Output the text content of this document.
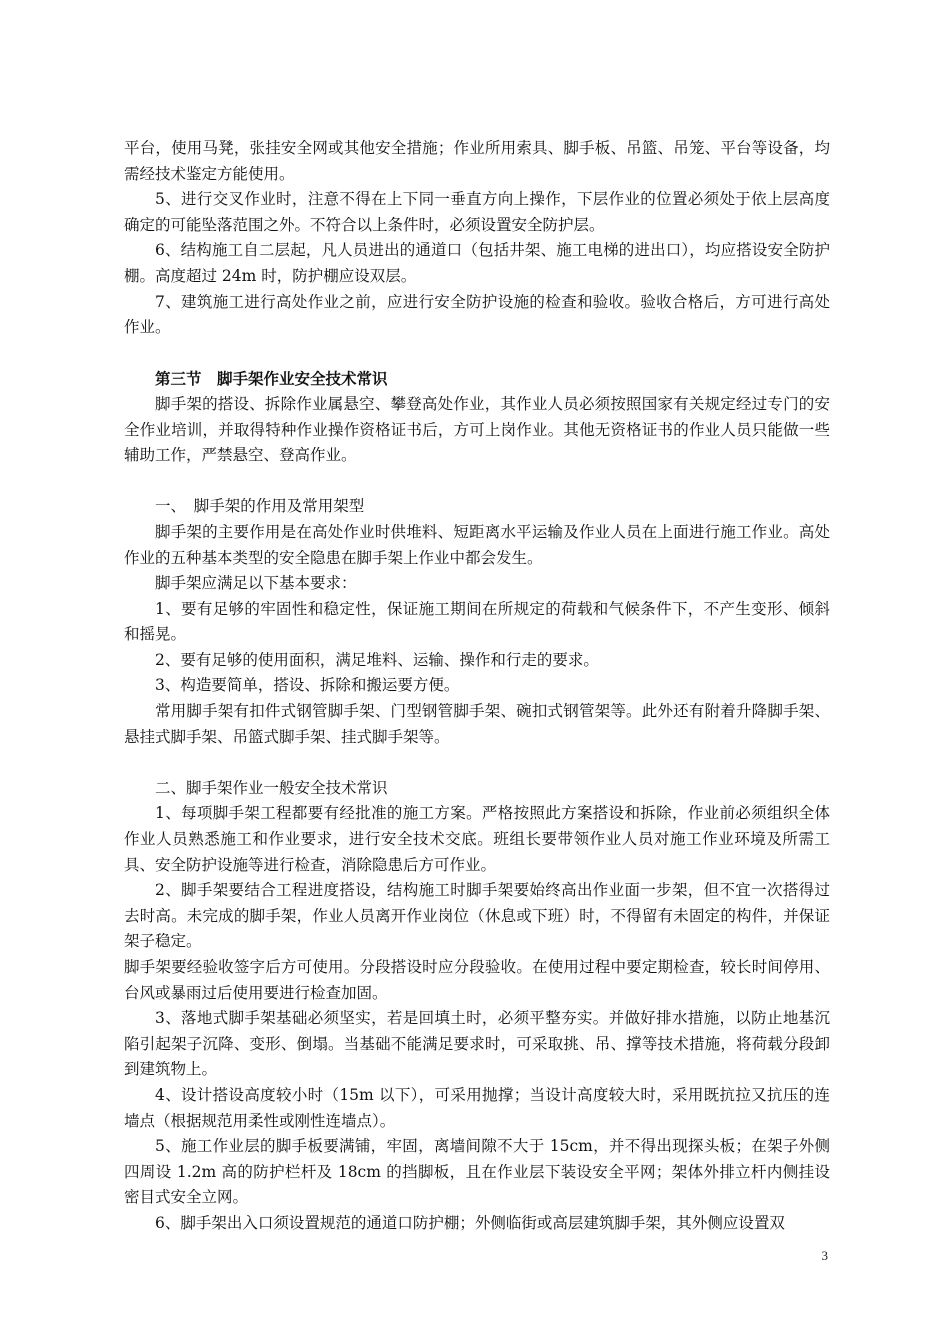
平台，使用马凳，张挂安全网或其他安全措施；作业所用索具、脚手板、吊篮、吊笼、平台等设备，均需经技术鉴定方能使用。

5、进行交叉作业时，注意不得在上下同一垂直方向上操作，下层作业的位置必须处于依上层高度确定的可能坠落范围之外。不符合以上条件时，必须设置安全防护层。

6、结构施工自二层起，凡人员进出的通道口（包括井架、施工电梯的进出口），均应搭设安全防护棚。高度超过 24m 时，防护棚应设双层。

7、建筑施工进行高处作业之前，应进行安全防护设施的检查和验收。验收合格后，方可进行高处作业。

第三节　脚手架作业安全技术常识

脚手架的搭设、拆除作业属悬空、攀登高处作业，其作业人员必须按照国家有关规定经过专门的安全作业培训，并取得特种作业操作资格证书后，方可上岗作业。其他无资格证书的作业人员只能做一些辅助工作，严禁悬空、登高作业。

一、　脚手架的作用及常用架型

脚手架的主要作用是在高处作业时供堆料、短距离水平运输及作业人员在上面进行施工作业。高处作业的五种基本类型的安全隐患在脚手架上作业中都会发生。

脚手架应满足以下基本要求：

1、要有足够的牢固性和稳定性，保证施工期间在所规定的荷载和气候条件下，不产生变形、倾斜和摇晃。

2、要有足够的使用面积，满足堆料、运输、操作和行走的要求。

3、构造要简单，搭设、拆除和搬运要方便。

常用脚手架有扣件式钢管脚手架、门型钢管脚手架、碗扣式钢管架等。此外还有附着升降脚手架、悬挂式脚手架、吊篮式脚手架、挂式脚手架等。

二、脚手架作业一般安全技术常识

1、每项脚手架工程都要有经批准的施工方案。严格按照此方案搭设和拆除，作业前必须组织全体作业人员熟悉施工和作业要求，进行安全技术交底。班组长要带领作业人员对施工作业环境及所需工具、安全防护设施等进行检查，消除隐患后方可作业。

2、脚手架要结合工程进度搭设，结构施工时脚手架要始终高出作业面一步架，但不宜一次搭得过去时高。未完成的脚手架，作业人员离开作业岗位（休息或下班）时，不得留有未固定的构件，并保证架子稳定。

脚手架要经验收签字后方可使用。分段搭设时应分段验收。在使用过程中要定期检查，较长时间停用、台风或暴雨过后使用要进行检查加固。

3、落地式脚手架基础必须坚实，若是回填土时，必须平整夯实。并做好排水措施，以防止地基沉陷引起架子沉降、变形、倒塌。当基础不能满足要求时，可采取挑、吊、撑等技术措施，将荷载分段卸到建筑物上。

4、设计搭设高度较小时（15m 以下），可采用抛撑；当设计高度较大时，采用既抗拉又抗压的连墙点（根据规范用柔性或刚性连墙点）。

5、施工作业层的脚手板要满铺，牢固，离墙间隙不大于 15cm，并不得出现探头板；在架子外侧四周设 1.2m 高的防护栏杆及 18cm 的挡脚板，且在作业层下装设安全平网；架体外排立杆内侧挂设密目式安全立网。

6、脚手架出入口须设置规范的通道口防护棚；外侧临街或高层建筑脚手架，其外侧应设置双

3
